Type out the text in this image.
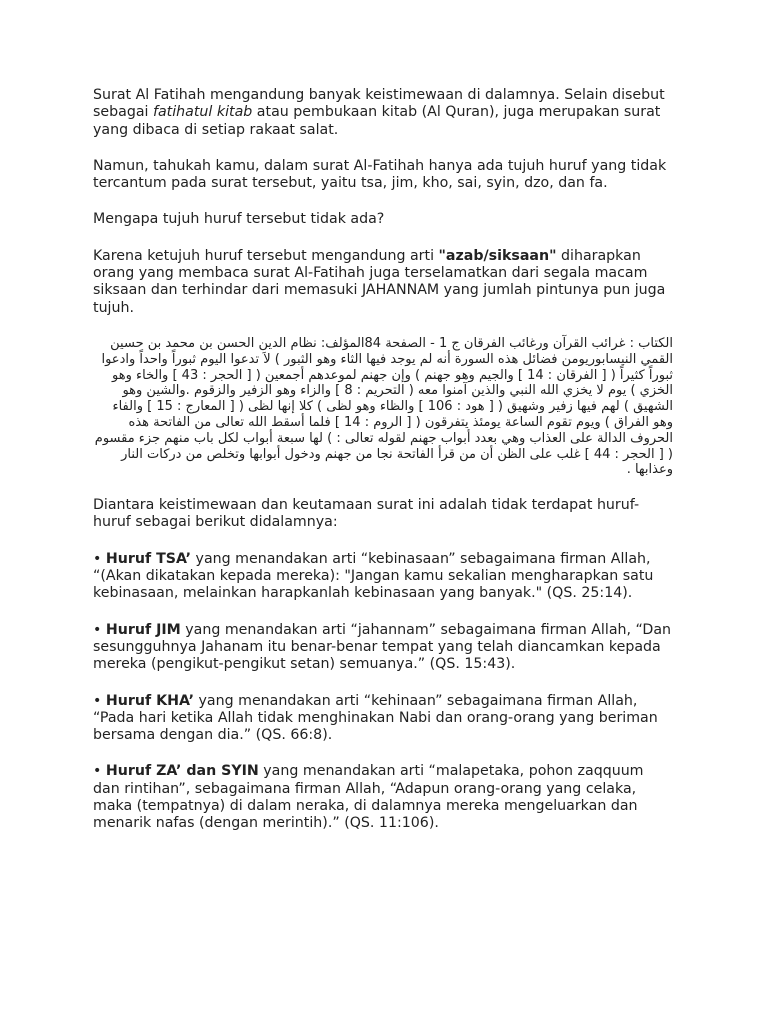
Surat Al Fatihah mengandung banyak keistimewaan di dalamnya. Selain disebut sebagai fatihatul kitab atau pembukaan kitab (Al Quran), juga merupakan surat yang dibaca di setiap rakaat salat.

Namun, tahukah kamu, dalam surat Al-Fatihah hanya ada tujuh huruf yang tidak tercantum pada surat tersebut, yaitu tsa, jim, kho, sai, syin, dzo, dan fa.

Mengapa tujuh huruf tersebut tidak ada?

Karena ketujuh huruf tersebut mengandung arti "azab/siksaan" diharapkan orang yang membaca surat Al-Fatihah juga terselamatkan dari segala macam siksaan dan terhindar dari memasuki JAHANNAM yang jumlah pintunya pun juga tujuh.

الكتاب : غرائب القرآن ورغائب الفرقان ج 1 - الصفحة 84المؤلف: نظام الدين الحسن بن محمد بن حسين القمي النيسابوريومن فضائل هذه السورة أنه لم يوجد فيها الثاء وهو الثبور ) لاَ تدعوا اليوم ثبوراً واحداً وادعوا ثبوراً كثيراً ( [ الفرقان : 14 ] والجيم وهو جهنم ) وإن جهنم لموعدهم أجمعين ( [ الحجر : 43 ] والخاء وهو الخزي ) يوم لا يخزي الله النبي والذين آمنوا معه ( التحريم : 8 ] والزاء وهو الزفير والزقوم .والشين وهو الشهيق ) لهم فيها زفير وشهيق ( [ هود : 106 ] والظاء وهو لظى ) كلا إنها لظى ( [ المعارج : 15 ] والفاء وهو الفراق ) ويوم تقوم الساعة يومئذ يتفرقون ( [ الروم : 14 ] فلما أسقط الله تعالى من الفاتحة هذه الحروف الدالة على العذاب وهي بعدد أبواب جهنم لقوله تعالى : ) لها سبعة أبواب لكل باب منهم جزء مقسوم ( [ الحجر : 44 ] غلب على الظن أن من قرأ الفاتحة نجا من جهنم ودخول أبوابها وتخلص من دركات النار وعذابها .

Diantara keistimewaan dan keutamaan surat ini adalah tidak terdapat huruf-huruf sebagai berikut didalamnya:

• Huruf TSA’ yang menandakan arti “kebinasaan” sebagaimana firman Allah, “(Akan dikatakan kepada mereka): "Jangan kamu sekalian mengharapkan satu kebinasaan, melainkan harapkanlah kebinasaan yang banyak." (QS. 25:14).

• Huruf JIM yang menandakan arti “jahannam” sebagaimana firman Allah, “Dan sesungguhnya Jahanam itu benar-benar tempat yang telah diancamkan kepada mereka (pengikut-pengikut setan) semuanya.” (QS. 15:43).

• Huruf KHA’ yang menandakan arti “kehinaan” sebagaimana firman Allah, “Pada hari ketika Allah tidak menghinakan Nabi dan orang-orang yang beriman bersama dengan dia.” (QS. 66:8).

• Huruf ZA’ dan SYIN yang menandakan arti “malapetaka, pohon zaqquum dan rintihan”, sebagaimana firman Allah, “Adapun orang-orang yang celaka, maka (tempatnya) di dalam neraka, di dalamnya mereka mengeluarkan dan menarik nafas (dengan merintih).” (QS. 11:106).
